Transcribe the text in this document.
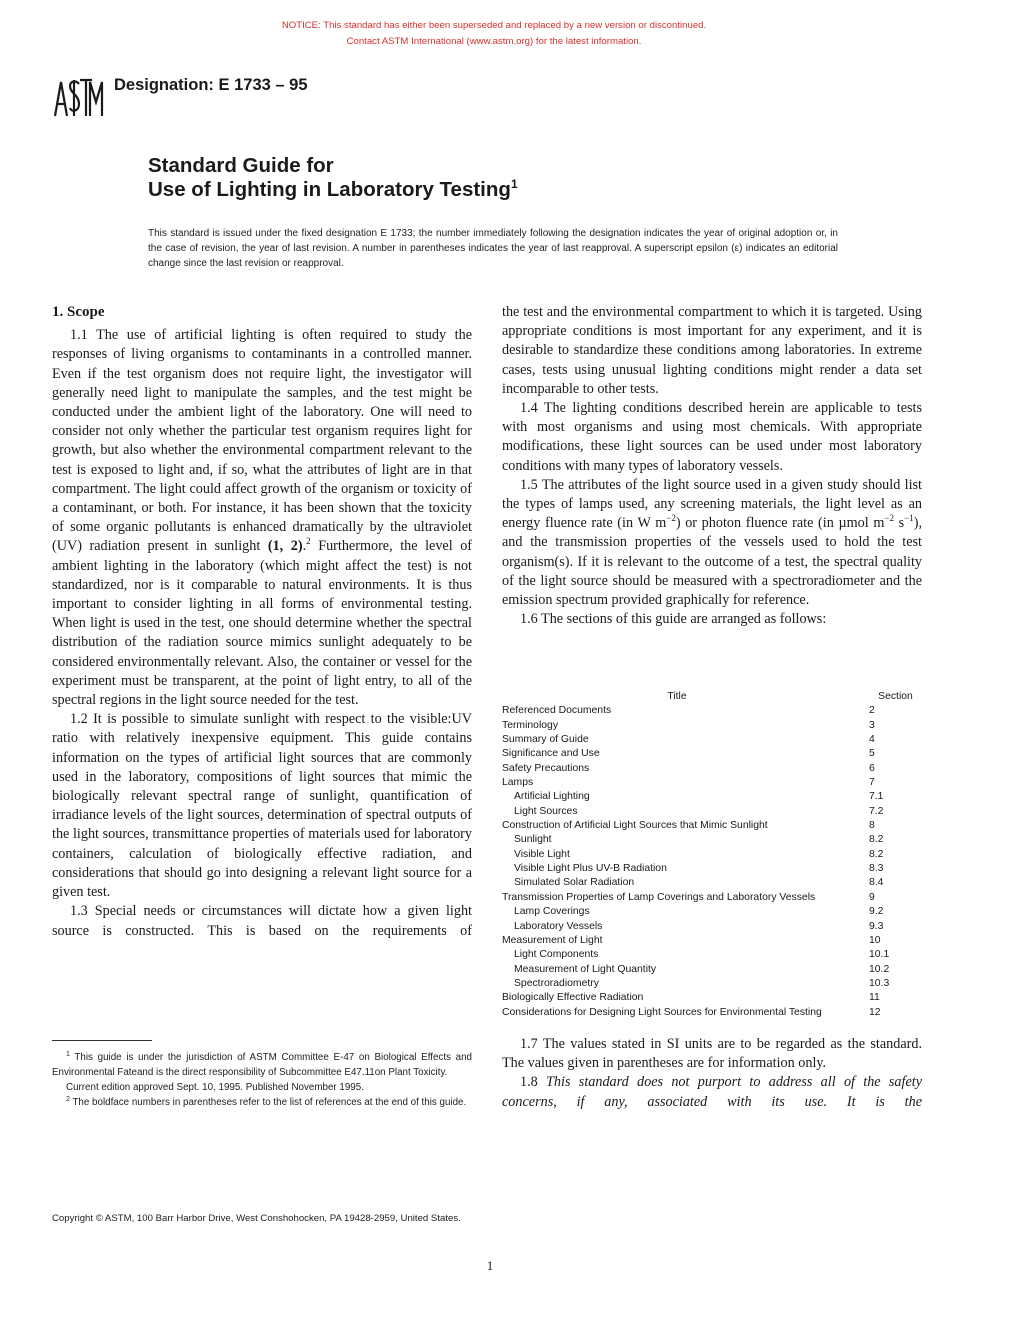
NOTICE: This standard has either been superseded and replaced by a new version or discontinued.
Contact ASTM International (www.astm.org) for the latest information.
Designation: E 1733 – 95
Standard Guide for
Use of Lighting in Laboratory Testing$^1$
This standard is issued under the fixed designation E 1733; the number immediately following the designation indicates the year of original adoption or, in the case of revision, the year of last revision. A number in parentheses indicates the year of last reapproval. A superscript epsilon (ε) indicates an editorial change since the last revision or reapproval.

1. Scope

1.1 The use of artificial lighting is often required to study the responses of living organisms to contaminants in a controlled manner. Even if the test organism does not require light, the investigator will generally need light to manipulate the samples, and the test might be conducted under the ambient light of the laboratory. One will need to consider not only whether the particular test organism requires light for growth, but also whether the environmental compartment relevant to the test is exposed to light and, if so, what the attributes of light are in that compartment. The light could affect growth of the organism or toxicity of a contaminant, or both. For instance, it has been shown that the toxicity of some organic pollutants is enhanced dramatically by the ultraviolet (UV) radiation present in sunlight (1, 2).$^2$ Furthermore, the level of ambient lighting in the laboratory (which might affect the test) is not standardized, nor is it comparable to natural environments. It is thus important to consider lighting in all forms of environmental testing. When light is used in the test, one should determine whether the spectral distribution of the radiation source mimics sunlight adequately to be considered environmentally relevant. Also, the container or vessel for the experiment must be transparent, at the point of light entry, to all of the spectral regions in the light source needed for the test.

1.2 It is possible to simulate sunlight with respect to the visible:UV ratio with relatively inexpensive equipment. This guide contains information on the types of artificial light sources that are commonly used in the laboratory, compositions of light sources that mimic the biologically relevant spectral range of sunlight, quantification of irradiance levels of the light sources, determination of spectral outputs of the light sources, transmittance properties of materials used for laboratory containers, calculation of biologically effective radiation, and considerations that should go into designing a relevant light source for a given test.

1.3 Special needs or circumstances will dictate how a given light source is constructed. This is based on the requirements of

the test and the environmental compartment to which it is targeted. Using appropriate conditions is most important for any experiment, and it is desirable to standardize these conditions among laboratories. In extreme cases, tests using unusual lighting conditions might render a data set incomparable to other tests.

1.4 The lighting conditions described herein are applicable to tests with most organisms and using most chemicals. With appropriate modifications, these light sources can be used under most laboratory conditions with many types of laboratory vessels.

1.5 The attributes of the light source used in a given study should list the types of lamps used, any screening materials, the light level as an energy fluence rate (in W $m^{-2}$) or photon fluence rate (in µmol $m^{-2}$ $s^{-1}$), and the transmission properties of the vessels used to hold the test organism(s). If it is relevant to the outcome of a test, the spectral quality of the light source should be measured with a spectroradiometer and the emission spectrum provided graphically for reference.

1.6 The sections of this guide are arranged as follows:

Title	Section
Referenced Documents	2
Terminology	3
Summary of Guide	4
Significance and Use	5
Safety Precautions	6
Lamps	7
Artificial Lighting	7.1
Light Sources	7.2
Construction of Artificial Light Sources that Mimic Sunlight	8
Sunlight	8.2
Visible Light	8.2
Visible Light Plus UV-B Radiation	8.3
Simulated Solar Radiation	8.4
Transmission Properties of Lamp Coverings and Laboratory Vessels	9
Lamp Coverings	9.2
Laboratory Vessels	9.3
Measurement of Light	10
Light Components	10.1
Measurement of Light Quantity	10.2
Spectroradiometry	10.3
Biologically Effective Radiation	11
Considerations for Designing Light Sources for Environmental Testing	12

1.7 The values stated in SI units are to be regarded as the standard. The values given in parentheses are for information only.

1.8 This standard does not purport to address all of the safety concerns, if any, associated with its use. It is the

$^1$ This guide is under the jurisdiction of ASTM Committee E-47 on Biological Effects and Environmental Fateand is the direct responsibility of Subcommittee E47.11on Plant Toxicity.

Current edition approved Sept. 10, 1995. Published November 1995.

$^2$ The boldface numbers in parentheses refer to the list of references at the end of this guide.

Copyright © ASTM, 100 Barr Harbor Drive, West Conshohocken, PA 19428-2959, United States.
1
